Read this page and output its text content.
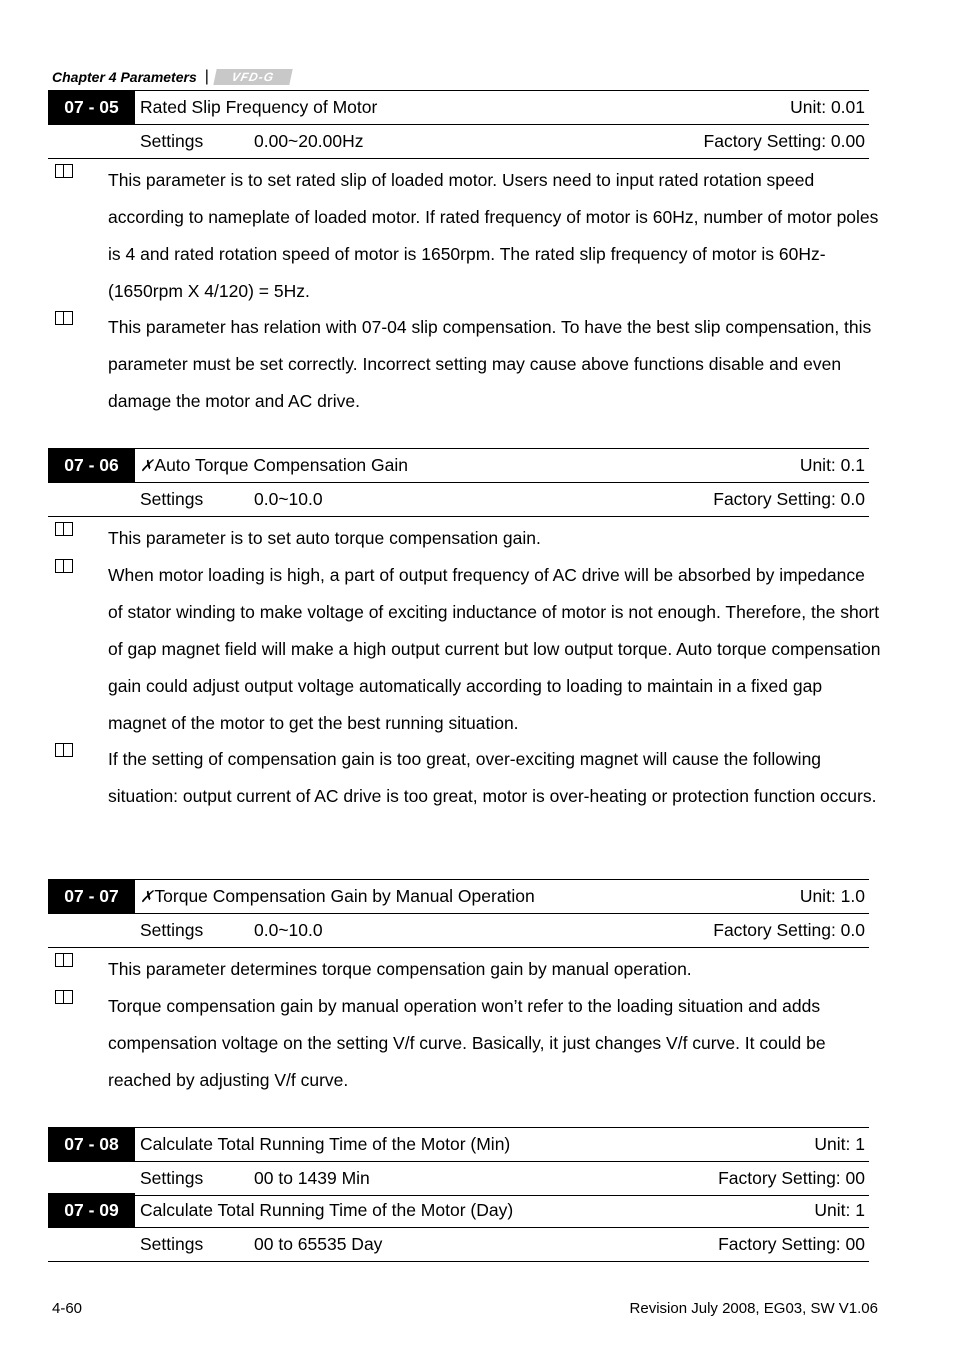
Chapter 4 Parameters |	VFD-G
07 - 05	Rated Slip Frequency of Motor	Unit: 0.01
Settings	0.00~20.00Hz	Factory Setting: 0.00
This parameter is to set rated slip of loaded motor. Users need to input rated rotation speed according to nameplate of loaded motor. If rated frequency of motor is 60Hz, number of motor poles is 4 and rated rotation speed of motor is 1650rpm. The rated slip frequency of motor is 60Hz-(1650rpm X 4/120) = 5Hz.
This parameter has relation with 07-04 slip compensation. To have the best slip compensation, this parameter must be set correctly. Incorrect setting may cause above functions disable and even damage the motor and AC drive.
07 - 06	✗ Auto Torque Compensation Gain	Unit: 0.1
Settings	0.0~10.0	Factory Setting: 0.0
This parameter is to set auto torque compensation gain.
When motor loading is high, a part of output frequency of AC drive will be absorbed by impedance of stator winding to make voltage of exciting inductance of motor is not enough. Therefore, the short of gap magnet field will make a high output current but low output torque. Auto torque compensation gain could adjust output voltage automatically according to loading to maintain in a fixed gap magnet of the motor to get the best running situation.
If the setting of compensation gain is too great, over-exciting magnet will cause the following situation: output current of AC drive is too great, motor is over-heating or protection function occurs.
07 - 07	✗ Torque Compensation Gain by Manual Operation	Unit: 1.0
Settings	0.0~10.0	Factory Setting: 0.0
This parameter determines torque compensation gain by manual operation.
Torque compensation gain by manual operation won’t refer to the loading situation and adds compensation voltage on the setting V/f curve. Basically, it just changes V/f curve. It could be reached by adjusting V/f curve.
07 - 08	Calculate Total Running Time of the Motor (Min)	Unit: 1
Settings	00 to 1439 Min	Factory Setting: 00
07 - 09	Calculate Total Running Time of the Motor (Day)	Unit: 1
Settings	00 to 65535 Day	Factory Setting: 00
4-60	Revision July 2008, EG03, SW V1.06
